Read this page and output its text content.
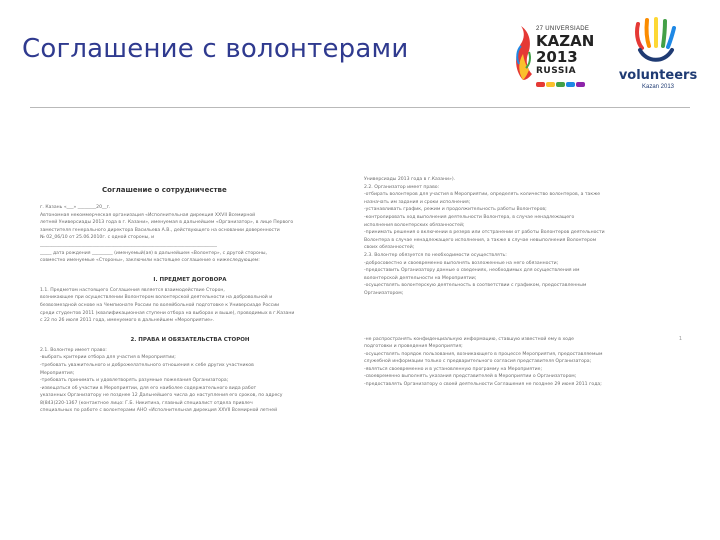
Соглашение с волонтерами
27 UNIVERSIADE
KAZAN
2013
RUSSIA	volunteers
Kazan 2013
Соглашение о сотрудничестве
г. Казань «___» ________20__г.
Автономная некоммерческая организация «Исполнительная дирекция XXVII Всемирной
летней Универсиады 2013 года в г. Казани», именуемая в дальнейшем «Организатор», в лице Первого
заместителя генерального директора Васильева А.В., действующего на основании доверенности
№ 02_06/10 от 25.06.2010г. с одной стороны, и
_____________________________________________________________________________
_____ дата рождения _________ (именуемый(ая) в дальнейшем «Волонтер», с другой стороны,
совместно именуемые «Стороны», заключили настоящее соглашение о нижеследующем:
I. ПРЕДМЕТ ДОГОВОРА
1.1. Предметом настоящего Соглашения является взаимодействие Сторон,
возникающее при осуществлении Волонтером волонтерской деятельности на добровольной и
безвозмездной основе на Чемпионате России по волейбольной подготовке к Универсиаде России
среди студентов 2011 (квалификационная ступени отбора на выборах и выше), проводимых в г.Казани
с 22 по 26 июля 2011 года, именуемого в дальнейшем «Мероприятие».
2. ПРАВА И ОБЯЗАТЕЛЬСТВА СТОРОН
2.1. Волонтер имеет право:
-выбрать критерии отбора для участия в Мероприятии;
-требовать уважительного и доброжелательного отношения к себе других участников
Мероприятия;
-требовать принимать и удовлетворять разумные пожелания Организатора;
-извещаться об участии в Мероприятии, для его наиболее содержательного вида работ
указанных Организатору не позднее 12 Дальнейшего числа до наступления его сроков, по адресу
8(843)220-1367 (контактное лицо: Г.Б. Никитина, главный специалист отдела привлеч
специальных по работе с волонтерами АНО «Исполнительная дирекция XXVII Всемирной летней
Универсиады 2013 года в г.Казани»).
2.2. Организатор имеет право:
-отбирать волонтеров для участия в Мероприятии, определять количество волонтеров, а также
назначать им задания и сроки исполнения;
-устанавливать график, режим и продолжительность работы Волонтеров;
-контролировать ход выполнения деятельности Волонтера, в случае ненадлежащего
исполнения волонтерских обязанностей;
-принимать решения о включении в резерв или отстранении от работы Волонтеров деятельности
Волонтера в случае ненадлежащего исполнения, а также в случае невыполнения Волонтером
своих обязанностей;
2.3. Волонтер обязуется по необходимости осуществлять:
-добросовестно и своевременно выполнять возложенные на него обязанности;
-предоставить Организатору данные о сведениях, необходимых для осуществления им
волонтерской деятельности на Мероприятии;
-осуществлять волонтерскую деятельность в соответствии с графиком, предоставленным
Организатором;
-не распространять конфиденциальную информацию, ставшую известной ему в ходе
подготовки и проведения Мероприятия;
-осуществлять порядок пользования, возникающего в процессе Мероприятия, предоставляемым
служебной информации только с предварительного согласия представителя Организатора;
-являться своевременно и в установленную программу на Мероприятие;
-своевременно выполнять указания представителей в Мероприятии о Организатором;
-предоставлять Организатору о своей деятельности Соглашения не позднее 29 июня 2011 года;
1
